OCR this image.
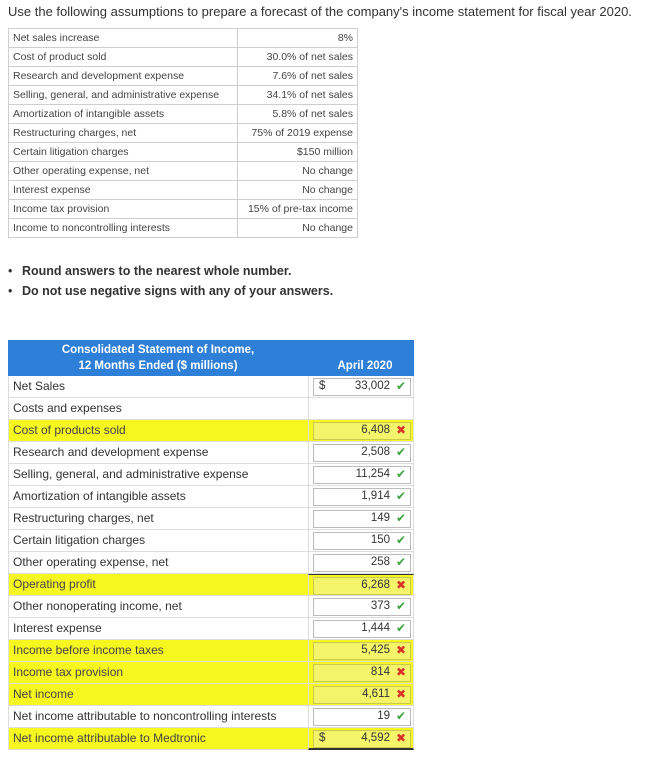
Use the following assumptions to prepare a forecast of the company's income statement for fiscal year 2020.
Net sales increase	8%
Cost of product sold	30.0% of net sales
Research and development expense	7.6% of net sales
Selling, general, and administrative expense	34.1% of net sales
Amortization of intangible assets	5.8% of net sales
Restructuring charges, net	75% of 2019 expense
Certain litigation charges	$150 million
Other operating expense, net	No change
Interest expense	No change
Income tax provision	15% of pre-tax income
Income to noncontrolling interests	No change
• Round answers to the nearest whole number.
• Do not use negative signs with any of your answers.
Consolidated Statement of Income,
12 Months Ended ($ millions)	April 2020
Net Sales	$	33,002 ✔
Costs and expenses
Cost of products sold	6,408 ✖
Research and development expense	2,508 ✔
Selling, general, and administrative expense	11,254 ✔
Amortization of intangible assets	1,914 ✔
Restructuring charges, net	149 ✔
Certain litigation charges	150 ✔
Other operating expense, net	258 ✔
Operating profit	6,268 ✖
Other nonoperating income, net	373 ✔
Interest expense	1,444 ✔
Income before income taxes	5,425 ✖
Income tax provision	814 ✖
Net income	4,611 ✖
Net income attributable to noncontrolling interests	19 ✔
Net income attributable to Medtronic	$	4,592 ✖
